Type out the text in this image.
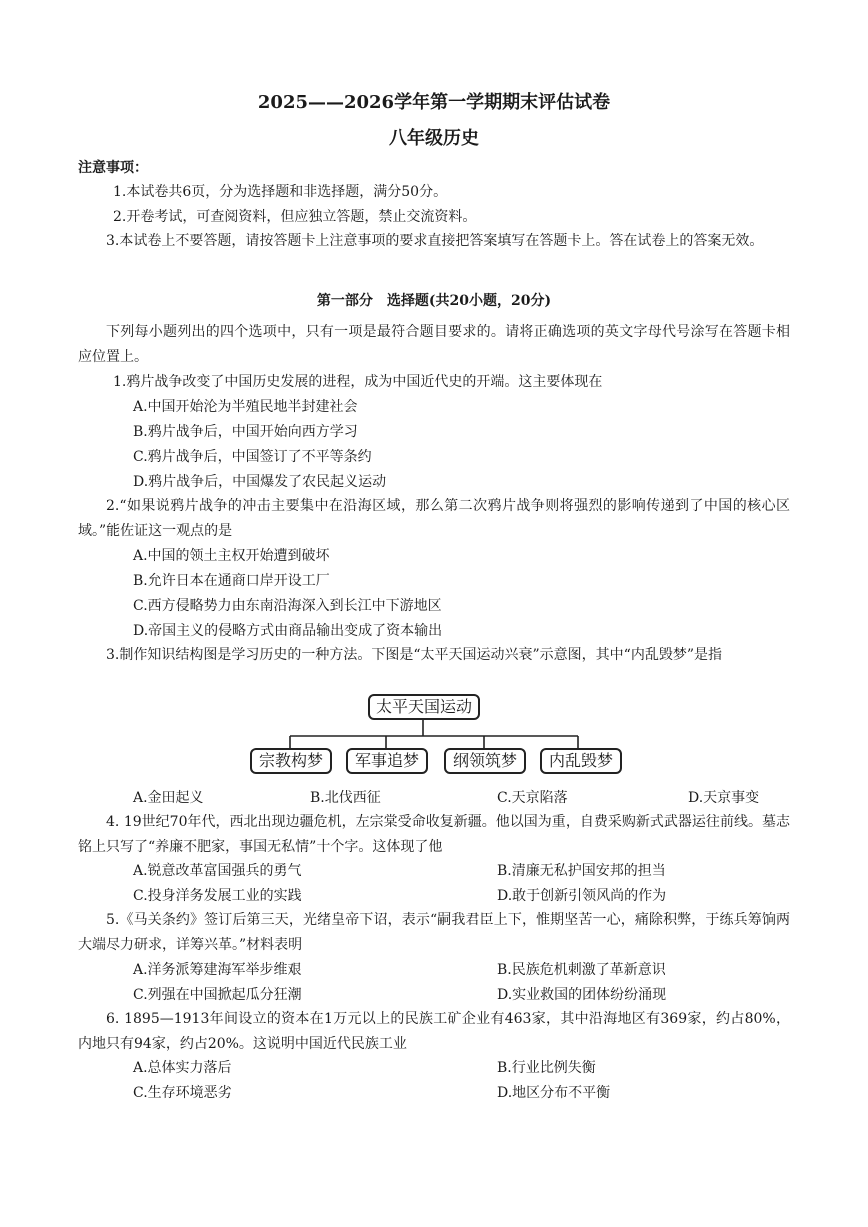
2025——2026学年第一学期期末评估试卷
八年级历史
注意事项：
1.本试卷共6页，分为选择题和非选择题，满分50分。
2.开卷考试，可查阅资料，但应独立答题，禁止交流资料。
3.本试卷上不要答题，请按答题卡上注意事项的要求直接把答案填写在答题卡上。答在试卷上的答案无效。
第一部分　选择题(共20小题，20分)
下列每小题列出的四个选项中，只有一项是最符合题目要求的。请将正确选项的英文字母代号涂写在答题卡相应位置上。
1.鸦片战争改变了中国历史发展的进程，成为中国近代史的开端。这主要体现在
A.中国开始沦为半殖民地半封建社会
B.鸦片战争后，中国开始向西方学习
C.鸦片战争后，中国签订了不平等条约
D.鸦片战争后，中国爆发了农民起义运动
2.“如果说鸦片战争的冲击主要集中在沿海区域，那么第二次鸦片战争则将强烈的影响传递到了中国的核心区域。”能佐证这一观点的是
A.中国的领土主权开始遭到破坏
B.允许日本在通商口岸开设工厂
C.西方侵略势力由东南沿海深入到长江中下游地区
D.帝国主义的侵略方式由商品输出变成了资本输出
3.制作知识结构图是学习历史的一种方法。下图是“太平天国运动兴衰”示意图，其中“内乱毁梦”是指
太平天国运动
宗教构梦	军事追梦	纲领筑梦	内乱毁梦
A.金田起义	B.北伐西征	C.天京陷落	D.天京事变
4. 19世纪70年代，西北出现边疆危机，左宗棠受命收复新疆。他以国为重，自费采购新式武器运往前线。墓志铭上只写了“养廉不肥家，事国无私情”十个字。这体现了他
A.锐意改革富国强兵的勇气	B.清廉无私护国安邦的担当
C.投身洋务发展工业的实践	D.敢于创新引领风尚的作为
5.《马关条约》签订后第三天，光绪皇帝下诏，表示“嗣我君臣上下，惟期坚苦一心，痛除积弊，于练兵筹饷两大端尽力研求，详筹兴革。”材料表明
A.洋务派筹建海军举步维艰	B.民族危机刺激了革新意识
C.列强在中国掀起瓜分狂潮	D.实业救国的团体纷纷涌现
6. 1895—1913年间设立的资本在1万元以上的民族工矿企业有463家，其中沿海地区有369家，约占80%，内地只有94家，约占20%。这说明中国近代民族工业
A.总体实力落后	B.行业比例失衡
C.生存环境恶劣	D.地区分布不平衡
